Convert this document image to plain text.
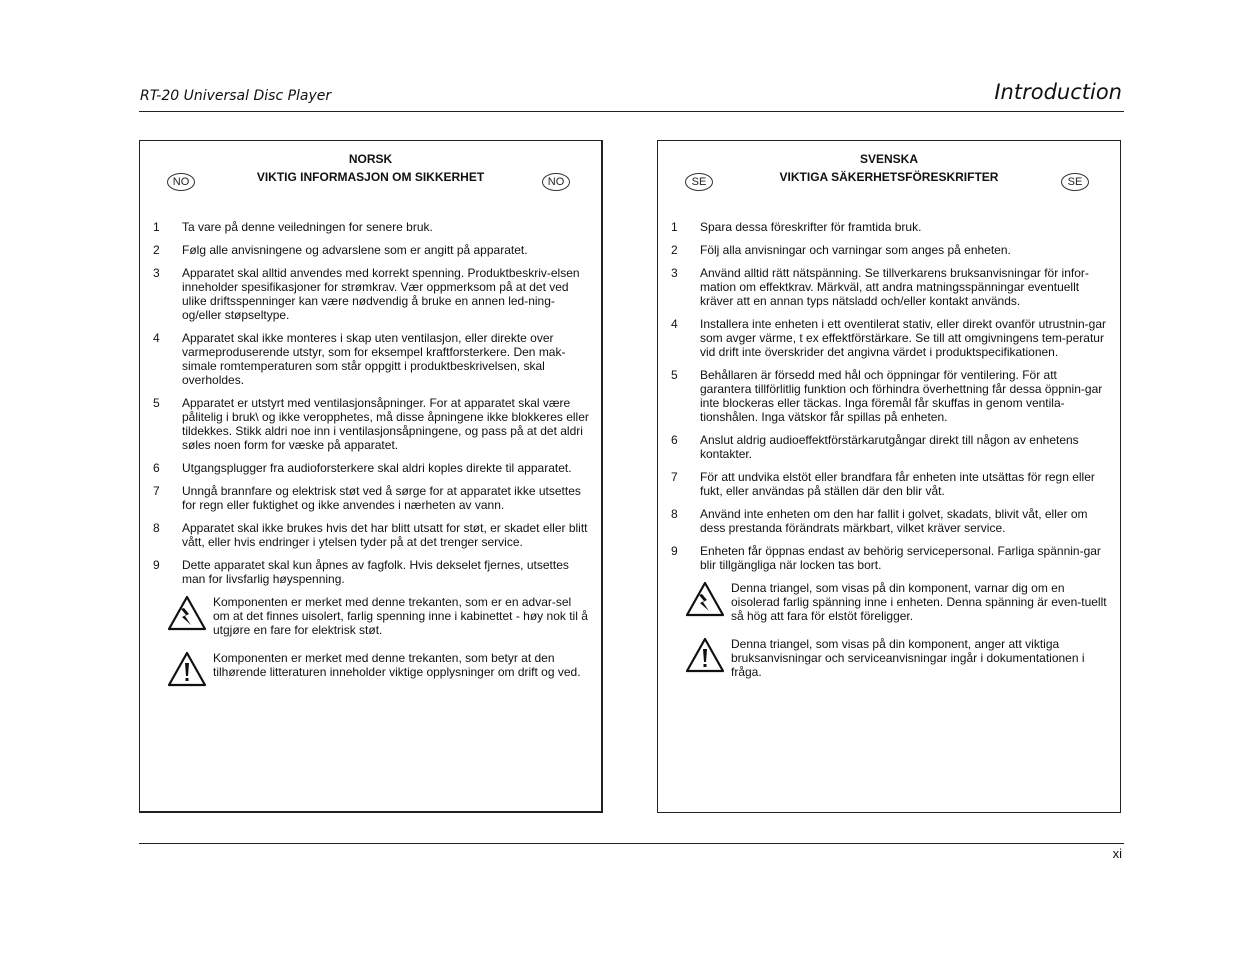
RT-20 Universal Disc Player	Introduction
NORSK
VIKTIG INFORMASJON OM SIKKERHET
NO	NO
1	Ta vare på denne veiledningen for senere bruk.
2	Følg alle anvisningene og advarslene som er angitt på apparatet.
3	Apparatet skal alltid anvendes med korrekt spenning. Produktbeskriv-elsen inneholder spesifikasjoner for strømkrav. Vær oppmerksom på at det ved ulike driftsspenninger kan være nødvendig å bruke en annen led-ning- og/eller støpseltype.
4	Apparatet skal ikke monteres i skap uten ventilasjon, eller direkte over varmeproduserende utstyr, som for eksempel kraftforsterkere. Den mak-simale romtemperaturen som står oppgitt i produktbeskrivelsen, skal overholdes.
5	Apparatet er utstyrt med ventilasjonsåpninger. For at apparatet skal være pålitelig i bruk\ og ikke veropphetes, må disse åpningene ikke blokkeres eller tildekkes. Stikk aldri noe inn i ventilasjonsåpningene, og pass på at det aldri søles noen form for væske på apparatet.
6	Utgangsplugger fra audioforsterkere skal aldri koples direkte til apparatet.
7	Unngå brannfare og elektrisk støt ved å sørge for at apparatet ikke utsettes for regn eller fuktighet og ikke anvendes i nærheten av vann.
8	Apparatet skal ikke brukes hvis det har blitt utsatt for støt, er skadet eller blitt vått, eller hvis endringer i ytelsen tyder på at det trenger service.
9	Dette apparatet skal kun åpnes av fagfolk. Hvis dekselet fjernes, utsettes man for livsfarlig høyspenning.
Komponenten er merket med denne trekanten, som er en advar-sel om at det finnes uisolert, farlig spenning inne i kabinettet - høy nok til å utgjøre en fare for elektrisk støt.
Komponenten er merket med denne trekanten, som betyr at den tilhørende litteraturen inneholder viktige opplysninger om drift og ved.
SVENSKA
VIKTIGA SÄKERHETSFÖRESKRIFTER
SE	SE
1	Spara dessa föreskrifter för framtida bruk.
2	Följ alla anvisningar och varningar som anges på enheten.
3	Använd alltid rätt nätspänning. Se tillverkarens bruksanvisningar för infor-mation om effektkrav. Märkväl, att andra matningsspänningar eventuellt kräver att en annan typs nätsladd och/eller kontakt används.
4	Installera inte enheten i ett oventilerat stativ, eller direkt ovanför utrustnin-gar som avger värme, t ex effektförstärkare. Se till att omgivningens tem-peratur vid drift inte överskrider det angivna värdet i produktspecifikationen.
5	Behållaren är försedd med hål och öppningar för ventilering. För att garantera tillförlitlig funktion och förhindra överhettning får dessa öppnin-gar inte blockeras eller täckas. Inga föremål får skuffas in genom ventila-tionshålen. Inga vätskor får spillas på enheten.
6	Anslut aldrig audioeffektförstärkarutgångar direkt till någon av enhetens kontakter.
7	För att undvika elstöt eller brandfara får enheten inte utsättas för regn eller fukt, eller användas på ställen där den blir våt.
8	Använd inte enheten om den har fallit i golvet, skadats, blivit våt, eller om dess prestanda förändrats märkbart, vilket kräver service.
9	Enheten får öppnas endast av behörig servicepersonal. Farliga spännin-gar blir tillgängliga när locken tas bort.
Denna triangel, som visas på din komponent, varnar dig om en oisolerad farlig spänning inne i enheten. Denna spänning är even-tuellt så hög att fara för elstöt föreligger.
Denna triangel, som visas på din komponent, anger att viktiga bruksanvisningar och serviceanvisningar ingår i dokumentationen i fråga.
xi
